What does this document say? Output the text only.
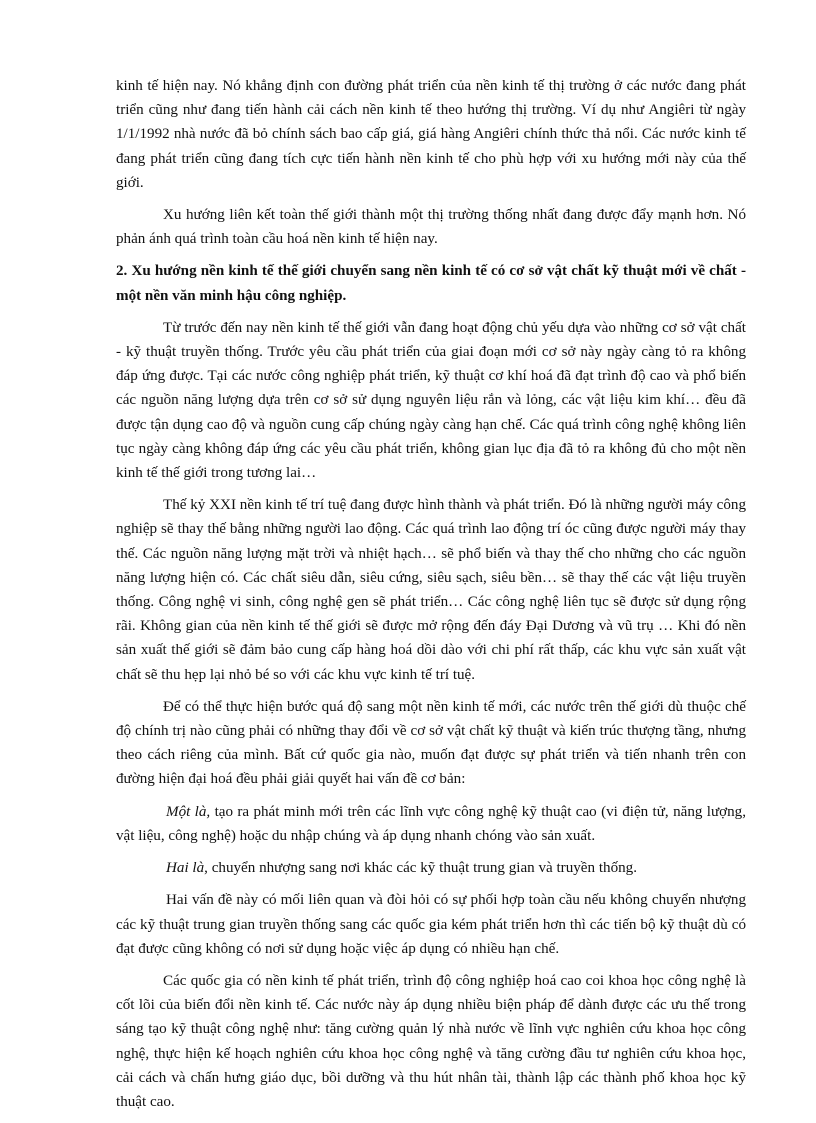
kinh tế hiện nay. Nó khẳng định con đường phát triển của nền kinh tế thị trường ở các nước đang phát triển cũng như đang tiến hành cải cách nền kinh tế theo hướng thị trường. Ví dụ như Angiêri từ ngày 1/1/1992 nhà nước đã bỏ chính sách bao cấp giá, giá hàng Angiêri chính thức thả nổi. Các nước kinh tế đang phát triển cũng đang tích cực tiến hành nền kinh tế cho phù hợp với xu hướng mới này của thế giới.

Xu hướng liên kết toàn thế giới thành một thị trường thống nhất đang được đẩy mạnh hơn. Nó phản ánh quá trình toàn cầu hoá nền kinh tế hiện nay.

2. Xu hướng nền kinh tế thế giới chuyển sang nền kinh tế có cơ sở vật chất kỹ thuật mới về chất - một nền văn minh hậu công nghiệp.

Từ trước đến nay nền kinh tế thế giới vẫn đang hoạt động chủ yếu dựa vào những cơ sở vật chất - kỹ thuật truyền thống. Trước yêu cầu phát triển của giai đoạn mới cơ sở này ngày càng tỏ ra không đáp ứng được. Tại các nước công nghiệp phát triển, kỹ thuật cơ khí hoá đã đạt trình độ cao và phổ biến các nguồn năng lượng dựa trên cơ sở sử dụng nguyên liệu rắn và lỏng, các vật liệu kim khí… đều đã được tận dụng cao độ và nguồn cung cấp chúng ngày càng hạn chế. Các quá trình công nghệ không liên tục ngày càng không đáp ứng các yêu cầu phát triển, không gian lục địa đã tỏ ra không đủ cho một nền kinh tế thế giới trong tương lai…

Thế kỷ XXI nền kinh tế trí tuệ đang được hình thành và phát triển. Đó là những người máy công nghiệp sẽ thay thế bằng những người lao động. Các quá trình lao động trí óc cũng được người máy thay thế. Các nguồn năng lượng mặt trời và nhiệt hạch… sẽ phổ biến và thay thế cho những cho các nguồn năng lượng hiện có. Các chất siêu dẫn, siêu cứng, siêu sạch, siêu bền… sẽ thay thế các vật liệu truyền thống. Công nghệ vi sinh, công nghệ gen sẽ phát triển… Các công nghệ liên tục sẽ được sử dụng rộng rãi. Không gian của nền kinh tế thế giới sẽ được mở rộng đến đáy Đại Dương và vũ trụ … Khi đó nền sản xuất thế giới sẽ đảm bảo cung cấp hàng hoá dồi dào với chi phí rất thấp, các khu vực sản xuất vật chất sẽ thu hẹp lại nhỏ bé so với các khu vực kinh tế trí tuệ.

Để có thể thực hiện bước quá độ sang một nền kinh tế mới, các nước trên thế giới dù thuộc chế độ chính trị nào cũng phải có những thay đổi về cơ sở vật chất kỹ thuật và kiến trúc thượng tầng, nhưng theo cách riêng của mình. Bất cứ quốc gia nào, muốn đạt được sự phát triển và tiến nhanh trên con đường hiện đại hoá đều phải giải quyết hai vấn đề cơ bản:

Một là, tạo ra phát minh mới trên các lĩnh vực công nghệ kỹ thuật cao (vi điện tử, năng lượng, vật liệu, công nghệ) hoặc du nhập chúng và áp dụng nhanh chóng vào sản xuất.

Hai là, chuyển nhượng sang nơi khác các kỹ thuật trung gian và truyền thống.

Hai vấn đề này có mối liên quan và đòi hỏi có sự phối hợp toàn cầu nếu không chuyển nhượng các kỹ thuật trung gian truyền thống sang các quốc gia kém phát triển hơn thì các tiến bộ kỹ thuật dù có đạt được cũng không có nơi sử dụng hoặc việc áp dụng có nhiều hạn chế.

Các quốc gia có nền kinh tế phát triển, trình độ công nghiệp hoá cao coi khoa học công nghệ là cốt lõi của biến đổi nền kinh tế. Các nước này áp dụng nhiều biện pháp để dành được các ưu thế trong sáng tạo kỹ thuật công nghệ như: tăng cường quản lý nhà nước về lĩnh vực nghiên cứu khoa học công nghệ, thực hiện kế hoạch nghiên cứu khoa học công nghệ và tăng cường đầu tư nghiên cứu khoa học, cải cách và chấn hưng giáo dục, bồi dưỡng và thu hút nhân tài, thành lập các thành phố khoa học kỹ thuật cao.
